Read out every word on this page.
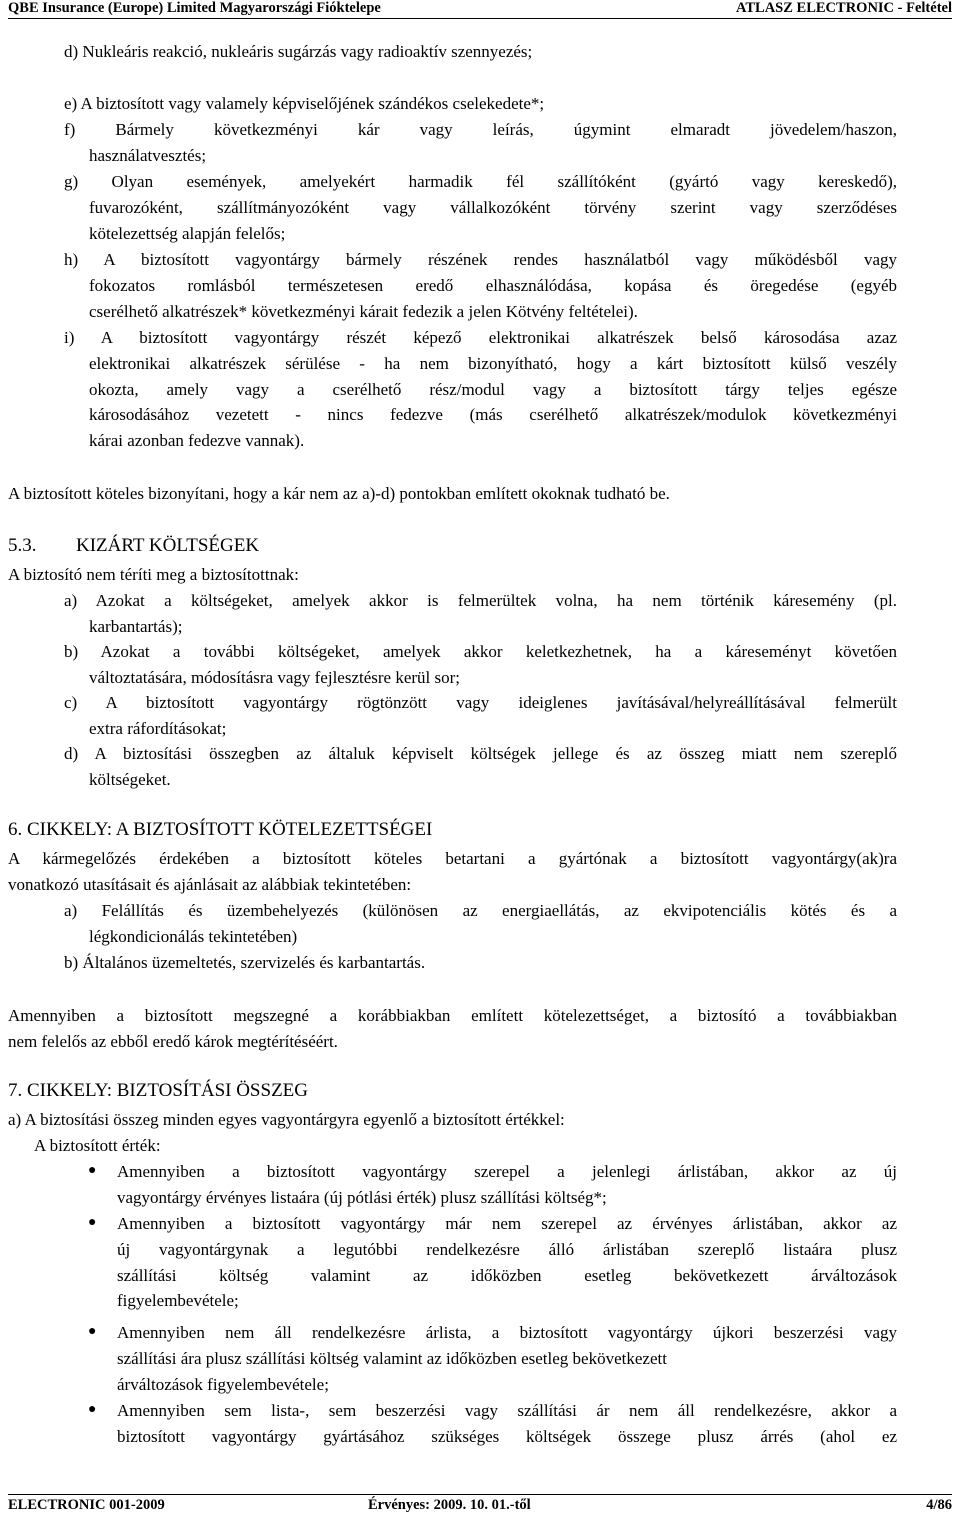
QBE Insurance (Europe) Limited Magyarországi Fióktelepe	ATLASZ ELECTRONIC - Feltétel
d) Nukleáris reakció, nukleáris sugárzás vagy radioaktív szennyezés;
e) A biztosított vagy valamely képviselőjének szándékos cselekedete*;
f) Bármely következményi kár vagy leírás, úgymint elmaradt jövedelem/haszon,
használatvesztés;
g) Olyan események, amelyekért harmadik fél szállítóként (gyártó vagy kereskedő),
fuvarozóként, szállítmányozóként vagy vállalkozóként törvény szerint vagy szerződéses
kötelezettség alapján felelős;
h) A biztosított vagyontárgy bármely részének rendes használatból vagy működésből vagy
fokozatos romlásból természetesen eredő elhasználódása, kopása és öregedése (egyéb
cserélhető alkatrészek* következményi kárait fedezik a jelen Kötvény feltételei).
i) A biztosított vagyontárgy részét képező elektronikai alkatrészek belső károsodása azaz
elektronikai alkatrészek sérülése - ha nem bizonyítható, hogy a kárt biztosított külső veszély
okozta, amely vagy a cserélhető rész/modul vagy a biztosított tárgy teljes egésze
károsodásához vezetett - nincs fedezve (más cserélhető alkatrészek/modulok következményi
kárai azonban fedezve vannak).
A biztosított köteles bizonyítani, hogy a kár nem az a)-d) pontokban említett okoknak tudható be.
5.3. KIZÁRT KÖLTSÉGEK
A biztosító nem téríti meg a biztosítottnak:
a) Azokat a költségeket, amelyek akkor is felmerültek volna, ha nem történik káresemény (pl.
karbantartás);
b) Azokat a további költségeket, amelyek akkor keletkezhetnek, ha a káreseményt követően
változtatására, módosításra vagy fejlesztésre kerül sor;
c) A biztosított vagyontárgy rögtönzött vagy ideiglenes javításával/helyreállításával felmerült
extra ráfordításokat;
d) A biztosítási összegben az általuk képviselt költségek jellege és az összeg miatt nem szereplő
költségeket.
6. CIKKELY: A BIZTOSÍTOTT KÖTELEZETTSÉGEI
A kármegelőzés érdekében a biztosított köteles betartani a gyártónak a biztosított vagyontárgy(ak)ra
vonatkozó utasításait és ajánlásait az alábbiak tekintetében:
a) Felállítás és üzembehelyezés (különösen az energiaellátás, az ekvipotenciális kötés és a
légkondicionálás tekintetében)
b) Általános üzemeltetés, szervizelés és karbantartás.
Amennyiben a biztosított megszegné a korábbiakban említett kötelezettséget, a biztosító a továbbiakban
nem felelős az ebből eredő károk megtérítéséért.
7. CIKKELY: BIZTOSÍTÁSI ÖSSZEG
a) A biztosítási összeg minden egyes vagyontárgyra egyenlő a biztosított értékkel:
A biztosított érték:
● Amennyiben a biztosított vagyontárgy szerepel a jelenlegi árlistában, akkor az új
vagyontárgy érvényes listaára (új pótlási érték) plusz szállítási költség*;
● Amennyiben a biztosított vagyontárgy már nem szerepel az érvényes árlistában, akkor az
új vagyontárgynak a legutóbbi rendelkezésre álló árlistában szereplő listaára plusz
szállítási költség valamint az időközben esetleg bekövetkezett árváltozások
figyelembevétele;
● Amennyiben nem áll rendelkezésre árlista, a biztosított vagyontárgy újkori beszerzési vagy
szállítási ára plusz szállítási költség valamint az időközben esetleg bekövetkezett
árváltozások figyelembevétele;
● Amennyiben sem lista-, sem beszerzési vagy szállítási ár nem áll rendelkezésre, akkor a
biztosított vagyontárgy gyártásához szükséges költségek összege plusz árrés (ahol ez
ELECTRONIC 001-2009	Érvényes: 2009. 10. 01.-től	4/86
